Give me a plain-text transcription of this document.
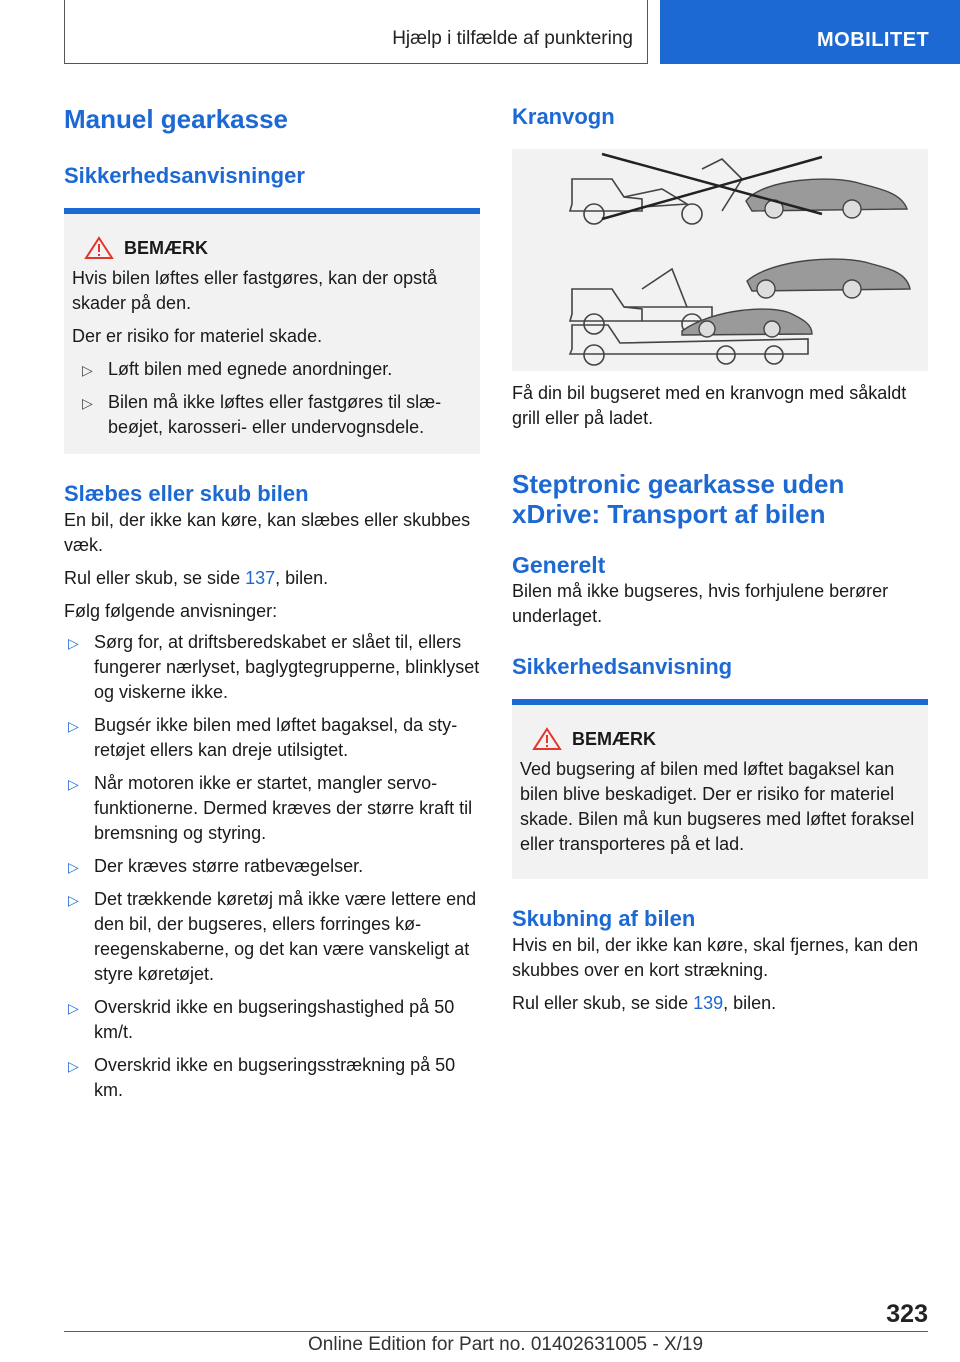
Hjælp i tilfælde af punktering	MOBILITET
Manuel gearkasse
Sikkerhedsanvisninger
BEMÆRK

Hvis bilen løftes eller fastgøres, kan der opstå skader på den.

Der er risiko for materiel skade.

▷ Løft bilen med egnede anordninger.
▷ Bilen må ikke løftes eller fastgøres til slæbeøjet, karosseri- eller undervognsdele.
Slæbes eller skub bilen

En bil, der ikke kan køre, kan slæbes eller skubbes væk.

Rul eller skub, se side 137, bilen.

Følg følgende anvisninger:

▷ Sørg for, at driftsberedskabet er slået til, ellers fungerer nærlyset, baglygtegrupperne, blinklyset og viskerne ikke.
▷ Bugsér ikke bilen med løftet bagaksel, da styretøjet ellers kan dreje utilsigtet.
▷ Når motoren ikke er startet, mangler servofunktionerne. Dermed kræves der større kraft til bremsning og styring.
▷ Der kræves større ratbevægelser.
▷ Det trækkende køretøj må ikke være lettere end den bil, der bugseres, ellers forringes køreegenskaberne, og det kan være vanskeligt at styre køretøjet.
▷ Overskrid ikke en bugseringshastighed på 50 km/t.
▷ Overskrid ikke en bugseringsstrækning på 50 km.
Kranvogn

Få din bil bugseret med en kranvogn med såkaldt grill eller på ladet.

Steptronic gearkasse uden xDrive: Transport af bilen
Generelt

Bilen må ikke bugseres, hvis forhjulene berører underlaget.

Sikkerhedsanvisning
BEMÆRK

Ved bugsering af bilen med løftet bagaksel kan bilen blive beskadiget. Der er risiko for materiel skade. Bilen må kun bugseres med løftet foraksel eller transporteres på et lad.

Skubning af bilen

Hvis en bil, der ikke kan køre, skal fjernes, kan den skubbes over en kort strækning.

Rul eller skub, se side 139, bilen.

323
Online Edition for Part no. 01402631005 - X/19
